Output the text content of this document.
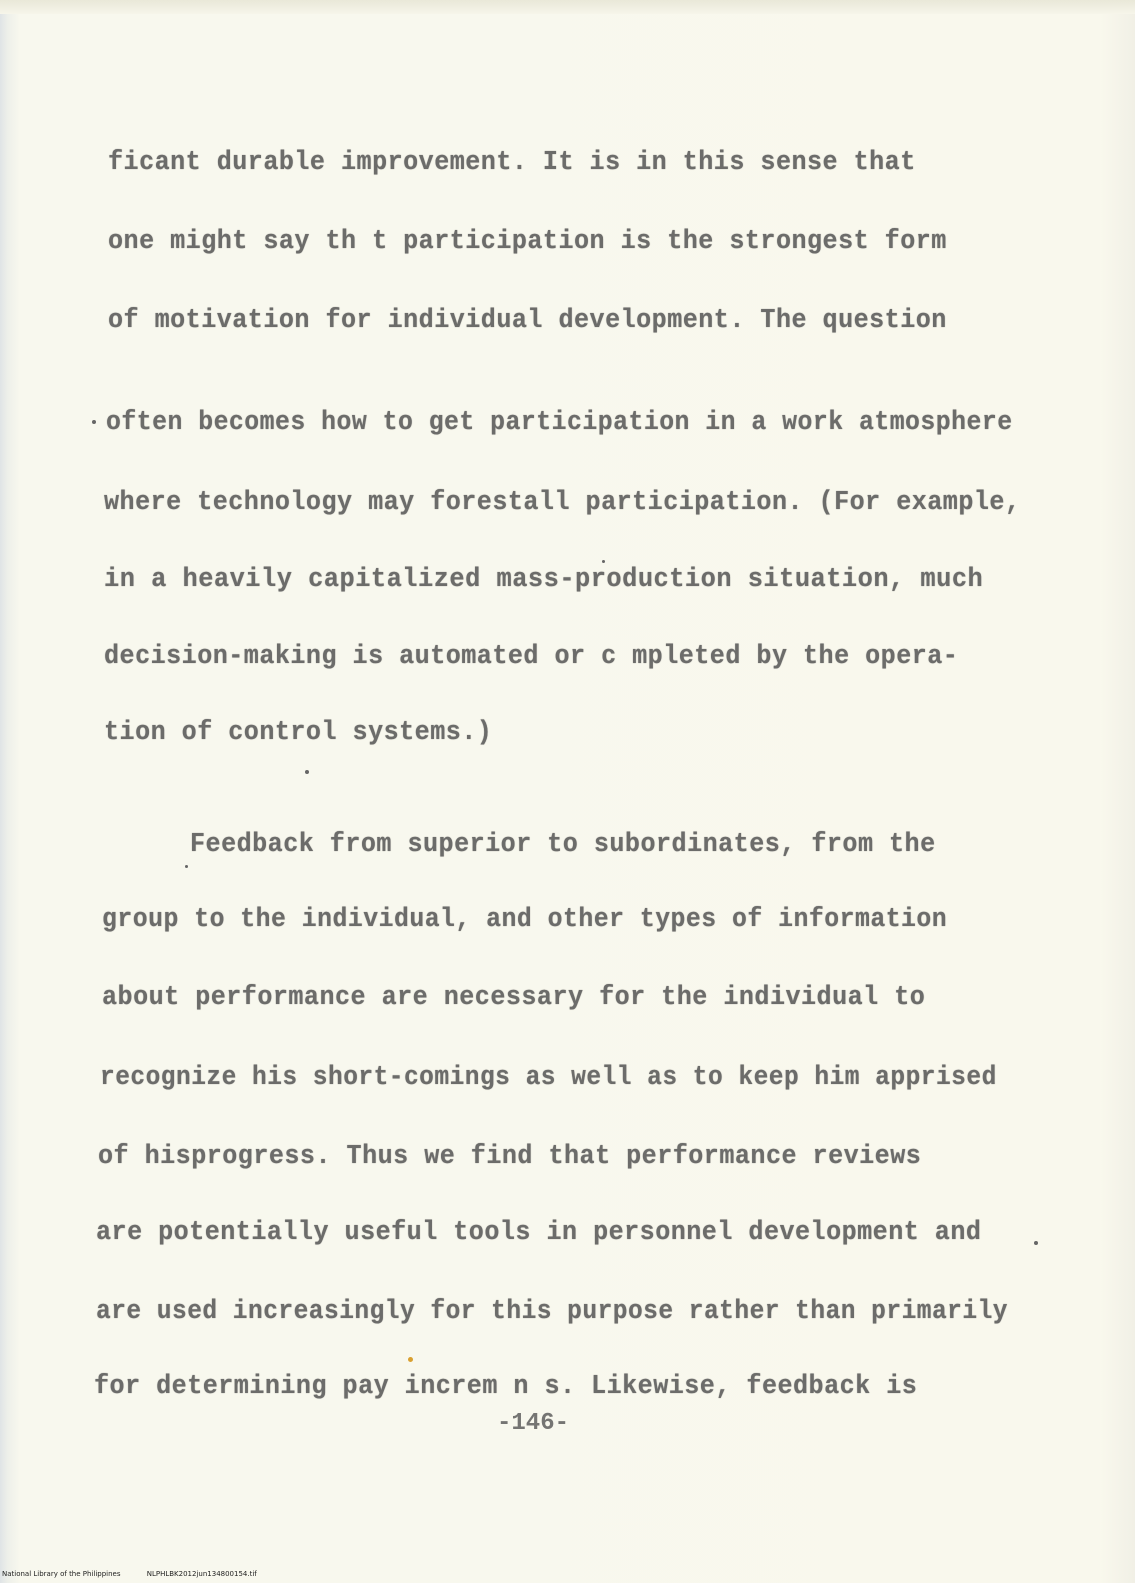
ficant durable improvement. It is in this sense that
one might say th t participation is the strongest form
of motivation for individual development. The question
often becomes how to get participation in a work atmosphere
where technology may forestall participation. (For example,
in a heavily capitalized mass-production situation, much
decision-making is automated or c mpleted by the opera-
tion of control systems.)
Feedback from superior to subordinates, from the
group to the individual, and other types of information
about performance are necessary for the individual to
recognize his short-comings as well as to keep him apprised
of hisprogress. Thus we find that performance reviews
are potentially useful tools in personnel development and
are used increasingly for this purpose rather than primarily
for determining pay increm n s. Likewise, feedback is
-146-
National Library of the Philippines	NLPHLBK2012jun134800154.tif
